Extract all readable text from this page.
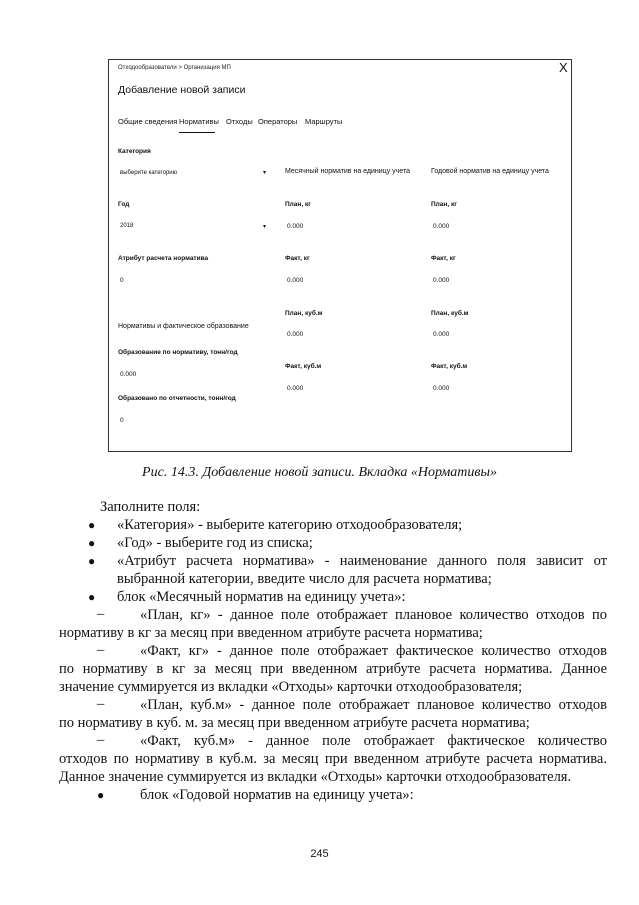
Отходообразователи > Организация МП	X
Добавление новой записи
Общие сведения Нормативы Отходы Операторы Маршруты
Категория
выберите категорию	▾	Месячный норматив на единицу учета	Годовой норматив на единицу учета
Год
2018	▾
План, кг
0.000
План, кг
0.000
Атрибут расчета норматива
0
Факт, кг
0.000
Факт, кг
0.000
План, куб.м
0.000
План, куб.м
0.000
Нормативы и фактическое образование
Образование по нормативу, тонн/год
0.000
Факт, куб.м
0.000
Факт, куб.м
0.000
Образовано по отчетности, тонн/год
0
Рис. 14.3. Добавление новой записи. Вкладка «Нормативы»
Заполните поля:
● «Категория» - выберите категорию отходообразователя;
● «Год» - выберите год из списка;
● «Атрибут расчета норматива» - наименование данного поля зависит от
выбранной категории, введите число для расчета норматива;
● блок «Месячный норматив на единицу учета»:
– «План, кг» - данное поле отображает плановое количество отходов по
нормативу в кг за месяц при введенном атрибуте расчета норматива;
– «Факт, кг» - данное поле отображает фактическое количество отходов
по нормативу в кг за месяц при введенном атрибуте расчета норматива. Данное
значение суммируется из вкладки «Отходы» карточки отходообразователя;
– «План, куб.м» - данное поле отображает плановое количество отходов
по нормативу в куб. м. за месяц при введенном атрибуте расчета норматива;
– «Факт, куб.м» - данное поле отображает фактическое количество
отходов по нормативу в куб.м. за месяц при введенном атрибуте расчета норматива.
Данное значение суммируется из вкладки «Отходы» карточки отходообразователя.
● блок «Годовой норматив на единицу учета»:
245
